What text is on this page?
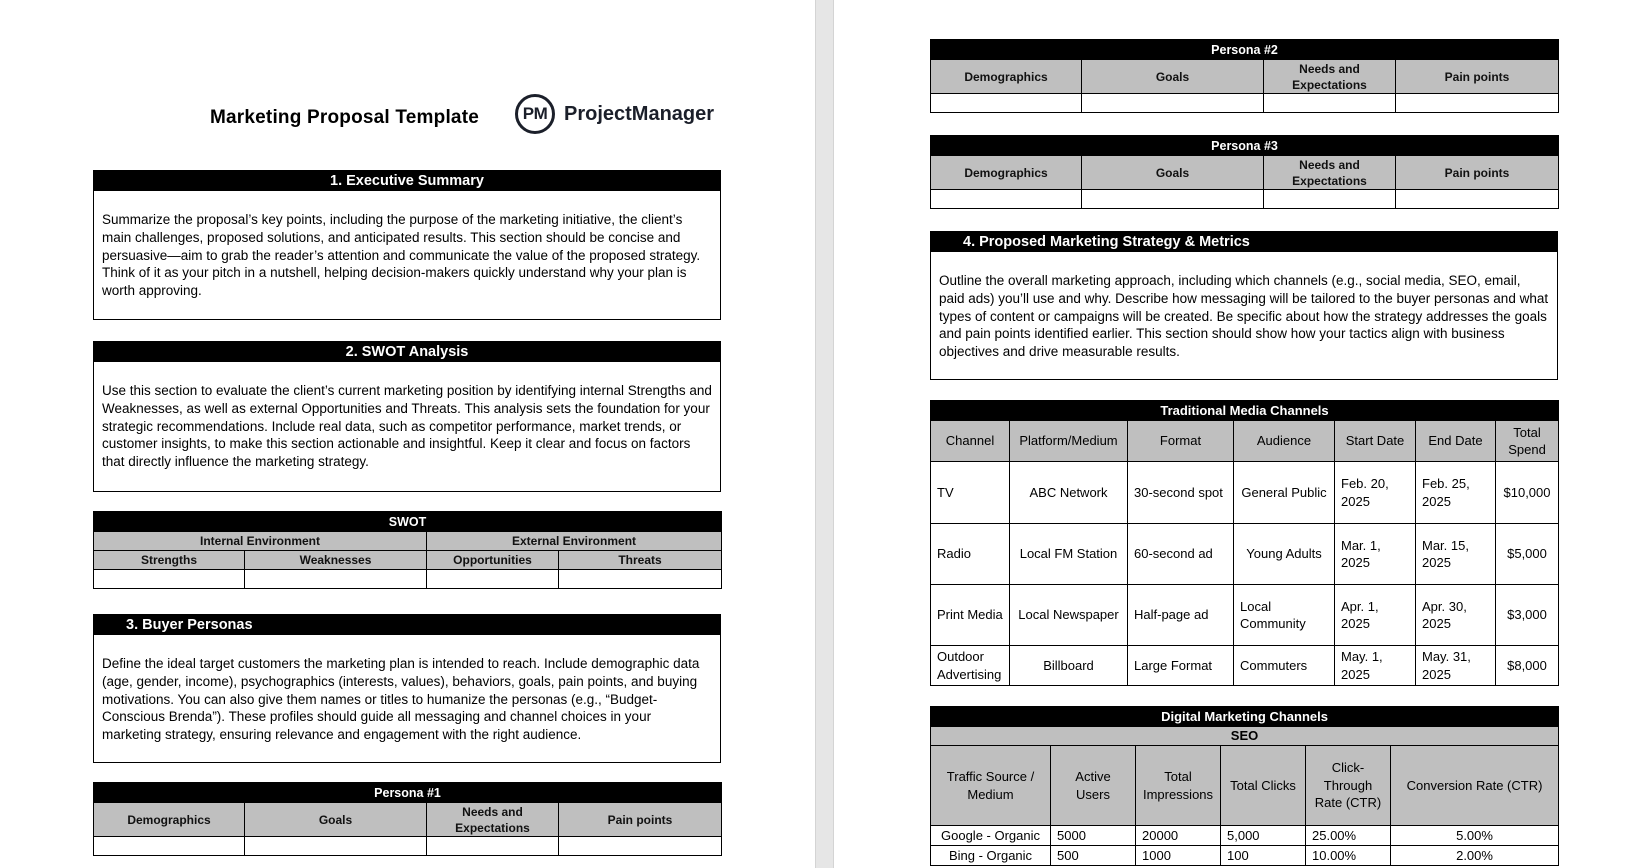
Marketing Proposal Template	PM ProjectManager
1. Executive Summary
Summarize the proposal’s key points, including the purpose of the marketing initiative, the client’s main challenges, proposed solutions, and anticipated results. This section should be concise and persuasive—aim to grab the reader’s attention and communicate the value of the proposed strategy. Think of it as your pitch in a nutshell, helping decision-makers quickly understand why your plan is worth approving.
2. SWOT Analysis
Use this section to evaluate the client’s current marketing position by identifying internal Strengths and Weaknesses, as well as external Opportunities and Threats. This analysis sets the foundation for your strategic recommendations. Include real data, such as competitor performance, market trends, or customer insights, to make this section actionable and insightful. Keep it clear and focus on factors that directly influence the marketing strategy.
SWOT			
Internal Environment		External Environment	
Strengths	Weaknesses	Opportunities	Threats

3. Buyer Personas
Define the ideal target customers the marketing plan is intended to reach. Include demographic data (age, gender, income), psychographics (interests, values), behaviors, goals, pain points, and buying motivations. You can also give them names or titles to humanize the personas (e.g., “Budget-Conscious Brenda”). These profiles should guide all messaging and channel choices in your marketing strategy, ensuring relevance and engagement with the right audience.
Persona #1			
Demographics	Goals	Needs and Expectations	Pain points

Persona #2			
Demographics	Goals	Needs and Expectations	Pain points

Persona #3			
Demographics	Goals	Needs and Expectations	Pain points

4. Proposed Marketing Strategy & Metrics
Outline the overall marketing approach, including which channels (e.g., social media, SEO, email, paid ads) you’ll use and why. Describe how messaging will be tailored to the buyer personas and what types of content or campaigns will be created. Be specific about how the strategy addresses the goals and pain points identified earlier. This section should show how your tactics align with business objectives and drive measurable results.
Traditional Media Channels						
Channel	Platform/Medium	Format	Audience	Start Date	End Date	Total Spend
TV	ABC Network	30-second spot	General Public	Feb. 20, 2025	Feb. 25, 2025	$10,000
Radio	Local FM Station	60-second ad	Young Adults	Mar. 1, 2025	Mar. 15, 2025	$5,000
Print Media	Local Newspaper	Half-page ad	Local Community	Apr. 1, 2025	Apr. 30, 2025	$3,000
Outdoor Advertising	Billboard	Large Format	Commuters	May. 1, 2025	May. 31, 2025	$8,000
Digital Marketing Channels					
SEO					
Traffic Source / Medium	Active Users	Total Impressions	Total Clicks	Click-Through Rate (CTR)	Conversion Rate (CTR)
Google - Organic	5000	20000	5,000	25.00%	5.00%
Bing - Organic	500	1000	100	10.00%	2.00%
